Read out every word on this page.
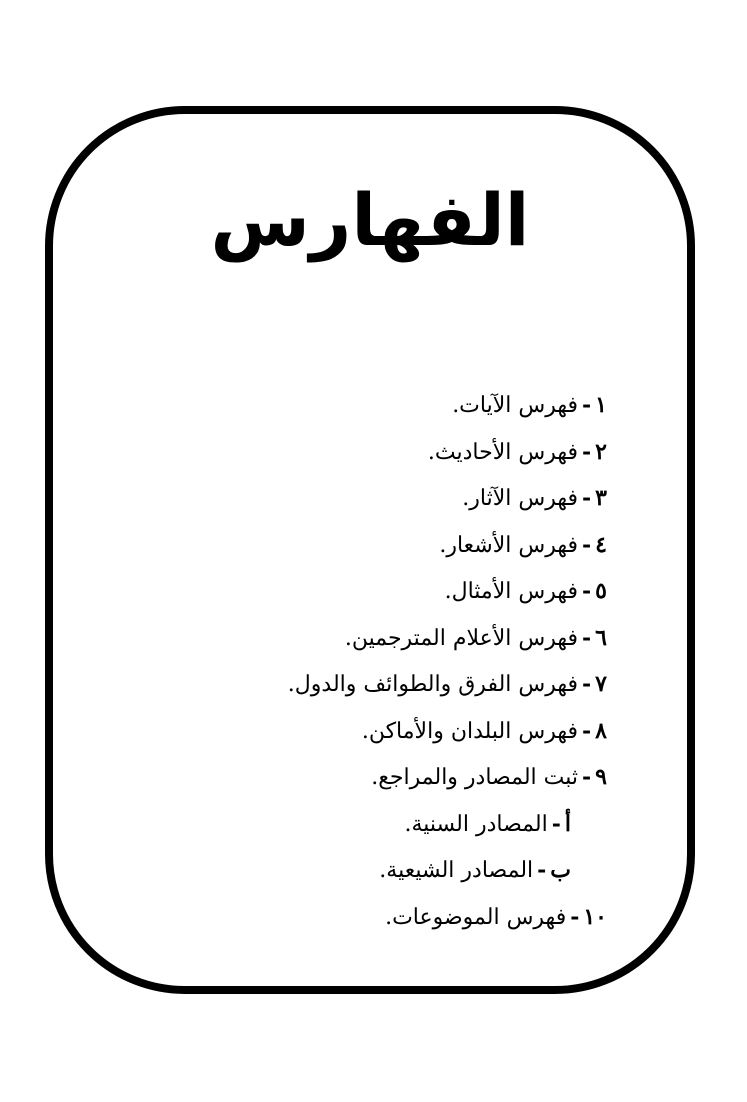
الفهارس
١-فهرس الآيات.
٢-فهرس الأحاديث.
٣-فهرس الآثار.
٤-فهرس الأشعار.
٥-فهرس الأمثال.
٦-فهرس الأعلام المترجمين.
٧-فهرس الفرق والطوائف والدول.
٨-فهرس البلدان والأماكن.
٩-ثبت المصادر والمراجع.
أ-المصادر السنية.
ب-المصادر الشيعية.
١٠-فهرس الموضوعات.
